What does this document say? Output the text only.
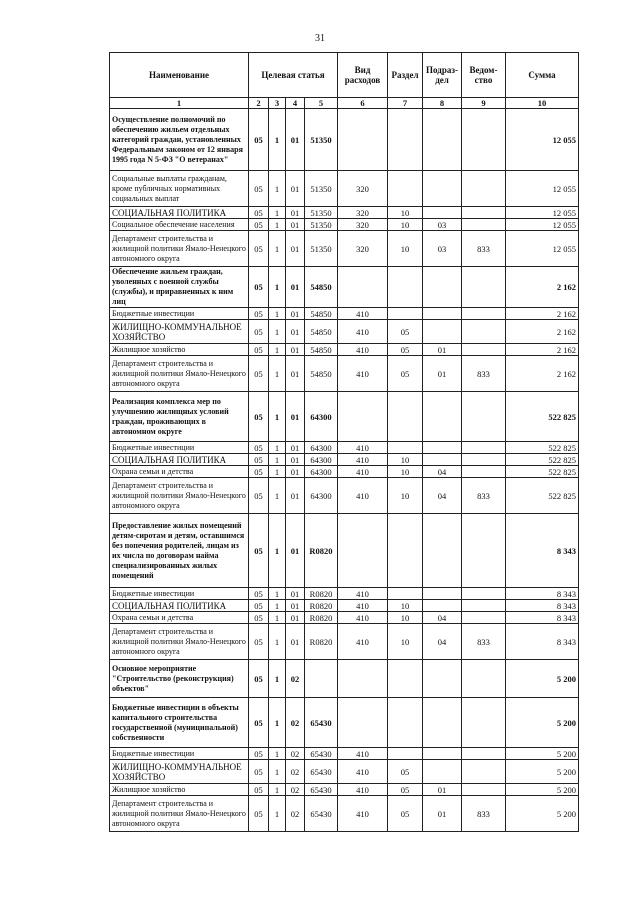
31
Наименование	Целевая статья				Вид расходов	Раздел	Подраз-дел	Ведом-ство	Сумма
1	2	3	4	5	6	7	8	9	10
Осуществление полномочий по обеспечению жильем отдельных категорий граждан, установленных Федеральным законом от 12 января 1995 года N 5-ФЗ "О ветеранах"	05	1	01	51350					12 055
Социальные выплаты гражданам, кроме публичных нормативных социальных выплат	05	1	01	51350	320				12 055
СОЦИАЛЬНАЯ ПОЛИТИКА	05	1	01	51350	320	10			12 055
Социальное обеспечение населения	05	1	01	51350	320	10	03		12 055
Департамент строительства и жилищной политики Ямало-Ненецкого автономного округа	05	1	01	51350	320	10	03	833	12 055
Обеспечение жильем граждан, уволенных с военной службы (службы), и приравненных к ним лиц	05	1	01	54850					2 162
Бюджетные инвестиции	05	1	01	54850	410				2 162
ЖИЛИЩНО-КОММУНАЛЬНОЕ ХОЗЯЙСТВО	05	1	01	54850	410	05			2 162
Жилищное хозяйство	05	1	01	54850	410	05	01		2 162
Департамент строительства и жилищной политики Ямало-Ненецкого автономного округа	05	1	01	54850	410	05	01	833	2 162
Реализация комплекса мер по улучшению жилищных условий граждан, проживающих в автономном округе	05	1	01	64300					522 825
Бюджетные инвестиции	05	1	01	64300	410				522 825
СОЦИАЛЬНАЯ ПОЛИТИКА	05	1	01	64300	410	10			522 825
Охрана семьи и детства	05	1	01	64300	410	10	04		522 825
Департамент строительства и жилищной политики Ямало-Ненецкого автономного округа	05	1	01	64300	410	10	04	833	522 825
Предоставление жилых помещений детям-сиротам и детям, оставшимся без попечения родителей, лицам из их числа по договорам найма специализированных жилых помещений	05	1	01	R0820					8 343
Бюджетные инвестиции	05	1	01	R0820	410				8 343
СОЦИАЛЬНАЯ ПОЛИТИКА	05	1	01	R0820	410	10			8 343
Охрана семьи и детства	05	1	01	R0820	410	10	04		8 343
Департамент строительства и жилищной политики Ямало-Ненецкого автономного округа	05	1	01	R0820	410	10	04	833	8 343
Основное мероприятие "Строительство (реконструкция) объектов"	05	1	02						5 200
Бюджетные инвестиции в объекты капитального строительства государственной (муниципальной) собственности	05	1	02	65430					5 200
Бюджетные инвестиции	05	1	02	65430	410				5 200
ЖИЛИЩНО-КОММУНАЛЬНОЕ ХОЗЯЙСТВО	05	1	02	65430	410	05			5 200
Жилищное хозяйство	05	1	02	65430	410	05	01		5 200
Департамент строительства и жилищной политики Ямало-Ненецкого автономного округа	05	1	02	65430	410	05	01	833	5 200
